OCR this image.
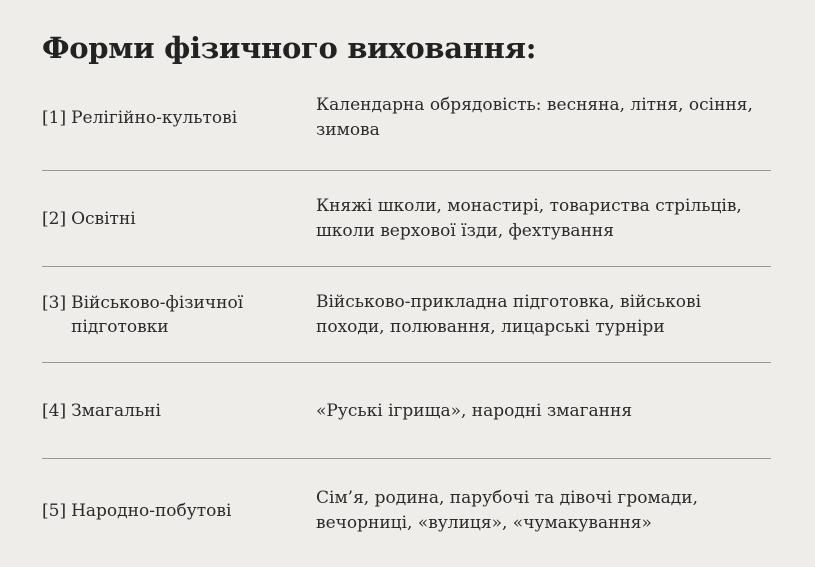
Форми фізичного виховання:
[1] Релігійно-культові
Календарна обрядовість: весняна, літня, осіння, зимова
[2] Освітні
Княжі школи, монастирі, товариства стрільців, школи верхової їзди, фехтування
[3] Військово-фізичної підготовки
Військово-прикладна підготовка, військові походи, полювання, лицарські турніри
[4] Змагальні	«Руські ігрища», народні змагання
[5] Народно-побутові
Сім’я, родина, парубочі та дівочі громади, вечорниці, «вулиця», «чумакування»
